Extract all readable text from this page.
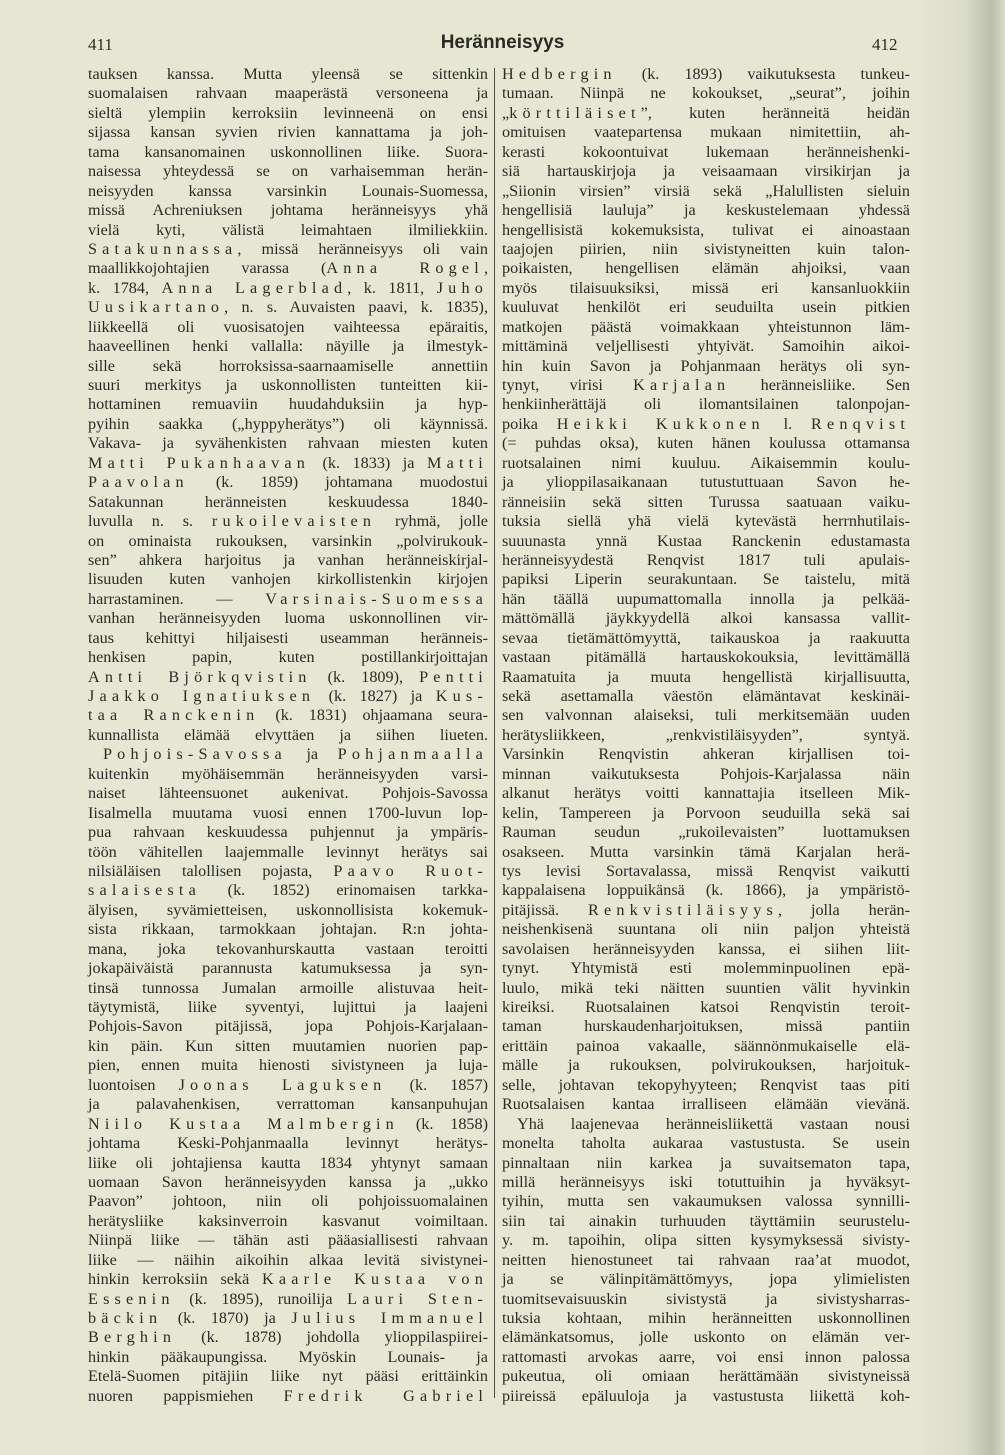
411	Heränneisyys	412
tauksen kanssa. Mutta yleensä se sittenkin
suomalaisen rahvaan maaperästä versoneena ja
sieltä ylempiin kerroksiin levinneenä on ensi
sijassa kansan syvien rivien kannattama ja joh-
tama kansanomainen uskonnollinen liike. Suora-
naisessa yhteydessä se on varhaisemman herän-
neisyyden kanssa varsinkin Lounais-Suomessa,
missä Achreniuksen johtama heränneisyys yhä
vielä kyti, välistä leimahtaen ilmiliekkiin.
Satakunnassa, missä heränneisyys oli vain
maallikkojohtajien varassa (Anna Rogel,
k. 1784, Anna Lagerblad, k. 1811, Juho
Uusikartano, n. s. Auvaisten paavi, k. 1835),
liikkeellä oli vuosisatojen vaihteessa epäraitis,
haaveellinen henki vallalla: näyille ja ilmestyk-
sille sekä horroksissa-saarnaamiselle annettiin
suuri merkitys ja uskonnollisten tunteitten kii-
hottaminen remuaviin huudahduksiin ja hyp-
pyihin saakka („hyppyherätys”) oli käynnissä.
Vakava- ja syvähenkisten rahvaan miesten kuten
Matti Pukanhaavan (k. 1833) ja Matti
Paavolan (k. 1859) johtamana muodostui
Satakunnan heränneisten keskuudessa 1840-
luvulla n. s. rukoilevaisten ryhmä, jolle
on ominaista rukouksen, varsinkin „polvirukouk-
sen” ahkera harjoitus ja vanhan heränneiskirjal-
lisuuden kuten vanhojen kirkollistenkin kirjojen
harrastaminen. — Varsinais-Suomessa
vanhan heränneisyyden luoma uskonnollinen vir-
taus kehittyi hiljaisesti useamman heränneis-
henkisen papin, kuten postillankirjoittajan
Antti Björkqvistin (k. 1809), Pentti
Jaakko Ignatiuksen (k. 1827) ja Kus-
taa Ranckenin (k. 1831) ohjaamana seura-
kunnallista elämää elvyttäen ja siihen liueten.
Pohjois-Savossa ja Pohjanmaalla
kuitenkin myöhäisemmän heränneisyyden varsi-
naiset lähteensuonet aukenivat. Pohjois-Savossa
Iisalmella muutama vuosi ennen 1700-luvun lop-
pua rahvaan keskuudessa puhjennut ja ympäris-
töön vähitellen laajemmalle levinnyt herätys sai
nilsiäläisen talollisen pojasta, Paavo Ruot-
salaisesta (k. 1852) erinomaisen tarkka-
älyisen, syvämietteisen, uskonnollisista kokemuk-
sista rikkaan, tarmokkaan johtajan. R:n johta-
mana, joka tekovanhurskautta vastaan teroitti
jokapäiväistä parannusta katumuksessa ja syn-
tinsä tunnossa Jumalan armoille alistuvaa heit-
täytymistä, liike syventyi, lujittui ja laajeni
Pohjois-Savon pitäjissä, jopa Pohjois-Karjalaan-
kin päin. Kun sitten muutamien nuorien pap-
pien, ennen muita hienosti sivistyneen ja luja-
luontoisen Joonas Laguksen (k. 1857)
ja palavahenkisen, verrattoman kansanpuhujan
Niilo Kustaa Malmbergin (k. 1858)
johtama Keski-Pohjanmaalla levinnyt herätys-
liike oli johtajiensa kautta 1834 yhtynyt samaan
uomaan Savon heränneisyyden kanssa ja „ukko
Paavon” johtoon, niin oli pohjoissuomalainen
herätysliike kaksinverroin kasvanut voimiltaan.
Niinpä liike — tähän asti pääasiallisesti rahvaan
liike — näihin aikoihin alkaa levitä sivistynei-
hinkin kerroksiin sekä Kaarle Kustaa von
Essenin (k. 1895), runoilija Lauri Sten-
bäckin (k. 1870) ja Julius Immanuel
Berghin (k. 1878) johdolla ylioppilaspiirei-
hinkin pääkaupungissa. Myöskin Lounais- ja
Etelä-Suomen pitäjiin liike nyt pääsi erittäinkin
nuoren pappismiehen Fredrik Gabriel
Hedbergin (k. 1893) vaikutuksesta tunkeu-
tumaan. Niinpä ne kokoukset, „seurat”, joihin
„körttiläiset”, kuten heränneitä heidän
omituisen vaatepartensa mukaan nimitettiin, ah-
kerasti kokoontuivat lukemaan heränneishenki-
siä hartauskirjoja ja veisaamaan virsikirjan ja
„Siionin virsien” virsiä sekä „Halullisten sieluin
hengellisiä lauluja” ja keskustelemaan yhdessä
hengellisistä kokemuksista, tulivat ei ainoastaan
taajojen piirien, niin sivistyneitten kuin talon-
poikaisten, hengellisen elämän ahjoiksi, vaan
myös tilaisuuksiksi, missä eri kansanluokkiin
kuuluvat henkilöt eri seuduilta usein pitkien
matkojen päästä voimakkaan yhteistunnon läm-
mittäminä veljellisesti yhtyivät. Samoihin aikoi-
hin kuin Savon ja Pohjanmaan herätys oli syn-
tynyt, virisi Karjalan heränneisliike. Sen
henkiinherättäjä oli ilomantsilainen talonpojan-
poika Heikki Kukkonen l. Renqvist
(= puhdas oksa), kuten hänen koulussa ottamansa
ruotsalainen nimi kuuluu. Aikaisemmin koulu-
ja ylioppilasaikanaan tutustuttuaan Savon he-
ränneisiin sekä sitten Turussa saatuaan vaiku-
tuksia siellä yhä vielä kytevästä herrnhutilais-
suuunasta ynnä Kustaa Ranckenin edustamasta
heränneisyydestä Renqvist 1817 tuli apulais-
papiksi Liperin seurakuntaan. Se taistelu, mitä
hän täällä uupumattomalla innolla ja pelkää-
mättömällä jäykkyydellä alkoi kansassa vallit-
sevaa tietämättömyyttä, taikauskoa ja raakuutta
vastaan pitämällä hartauskokouksia, levittämällä
Raamatuita ja muuta hengellistä kirjallisuutta,
sekä asettamalla väestön elämäntavat keskinäi-
sen valvonnan alaiseksi, tuli merkitsemään uuden
herätysliikkeen, „renkvistiläisyyden”, syntyä.
Varsinkin Renqvistin ahkeran kirjallisen toi-
minnan vaikutuksesta Pohjois-Karjalassa näin
alkanut herätys voitti kannattajia itselleen Mik-
kelin, Tampereen ja Porvoon seuduilla sekä sai
Rauman seudun „rukoilevaisten” luottamuksen
osakseen. Mutta varsinkin tämä Karjalan herä-
tys levisi Sortavalassa, missä Renqvist vaikutti
kappalaisena loppuikänsä (k. 1866), ja ympäristö-
pitäjissä. Renkvistiläisyys, jolla herän-
neishenkisenä suuntana oli niin paljon yhteistä
savolaisen heränneisyyden kanssa, ei siihen liit-
tynyt. Yhtymistä esti molemminpuolinen epä-
luulo, mikä teki näitten suuntien välit hyvinkin
kireiksi. Ruotsalainen katsoi Renqvistin teroit-
taman hurskaudenharjoituksen, missä pantiin
erittäin painoa vakaalle, säännönmukaiselle elä-
mälle ja rukouksen, polvirukouksen, harjoituk-
selle, johtavan tekopyhyyteen; Renqvist taas piti
Ruotsalaisen kantaa irralliseen elämään vievänä.
Yhä laajenevaa heränneisliikettä vastaan nousi
monelta taholta aukaraa vastustusta. Se usein
pinnaltaan niin karkea ja suvaitsematon tapa,
millä heränneisyys iski totuttuihin ja hyväksyt-
tyihin, mutta sen vakaumuksen valossa synnilli-
siin tai ainakin turhuuden täyttämiin seurustelu-
y. m. tapoihin, olipa sitten kysymyksessä sivisty-
neitten hienostuneet tai rahvaan raa’at muodot,
ja se välinpitämättömyys, jopa ylimielisten
tuomitsevaisuuskin sivistystä ja sivistysharras-
tuksia kohtaan, mihin heränneitten uskonnollinen
elämänkatsomus, jolle uskonto on elämän ver-
rattomasti arvokas aarre, voi ensi innon palossa
pukeutua, oli omiaan herättämään sivistyneissä
piireissä epäluuloja ja vastustusta liikettä koh-
